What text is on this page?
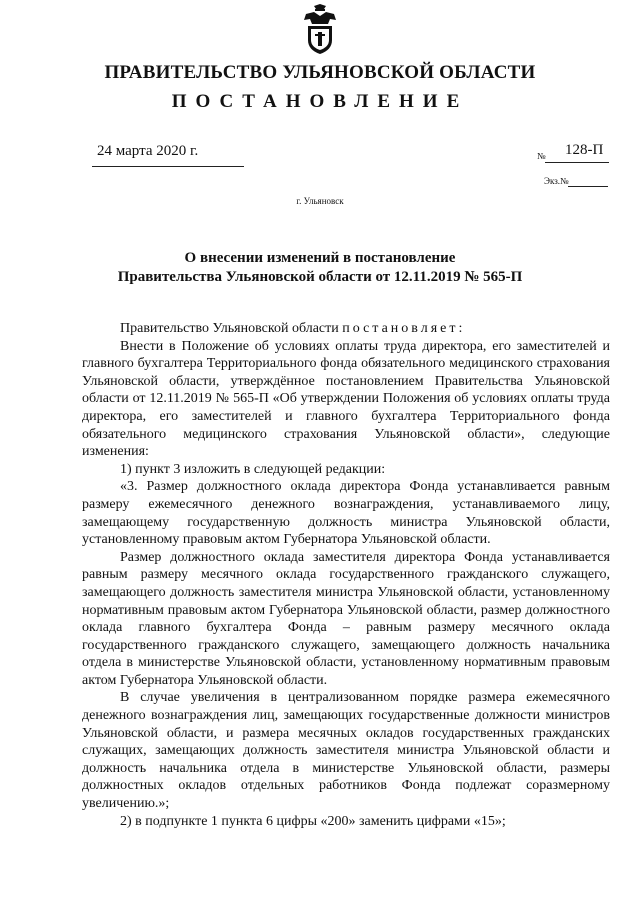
ПРАВИТЕЛЬСТВО УЛЬЯНОВСКОЙ ОБЛАСТИ
ПОСТАНОВЛЕНИЕ
24 марта 2020 г.	№ 128-П
Экз.№
г. Ульяновск
О внесении изменений в постановление
Правительства Ульяновской области от 12.11.2019 № 565-П

Правительство Ульяновской области постановляет:

Внести в Положение об условиях оплаты труда директора, его заместителей и главного бухгалтера Территориального фонда обязательного медицинского страхования Ульяновской области, утверждённое постановлением Правительства Ульяновской области от 12.11.2019 № 565-П «Об утверждении Положения об условиях оплаты труда директора, его заместителей и главного бухгалтера Территориального фонда обязательного медицинского страхования Ульяновской области», следующие изменения:

1) пункт 3 изложить в следующей редакции:

«3. Размер должностного оклада директора Фонда устанавливается равным размеру ежемесячного денежного вознаграждения, устанавливаемого лицу, замещающему государственную должность министра Ульяновской области, установленному правовым актом Губернатора Ульяновской области.

Размер должностного оклада заместителя директора Фонда устанавливается равным размеру месячного оклада государственного гражданского служащего, замещающего должность заместителя министра Ульяновской области, установленному нормативным правовым актом Губернатора Ульяновской области, размер должностного оклада главного бухгалтера Фонда – равным размеру месячного оклада государственного гражданского служащего, замещающего должность начальника отдела в министерстве Ульяновской области, установленному нормативным правовым актом Губернатора Ульяновской области.

В случае увеличения в централизованном порядке размера ежемесячного денежного вознаграждения лиц, замещающих государственные должности министров Ульяновской области, и размера месячных окладов государственных гражданских служащих, замещающих должность заместителя министра Ульяновской области и должность начальника отдела в министерстве Ульяновской области, размеры должностных окладов отдельных работников Фонда подлежат соразмерному увеличению.»;

2) в подпункте 1 пункта 6 цифры «200» заменить цифрами «15»;
